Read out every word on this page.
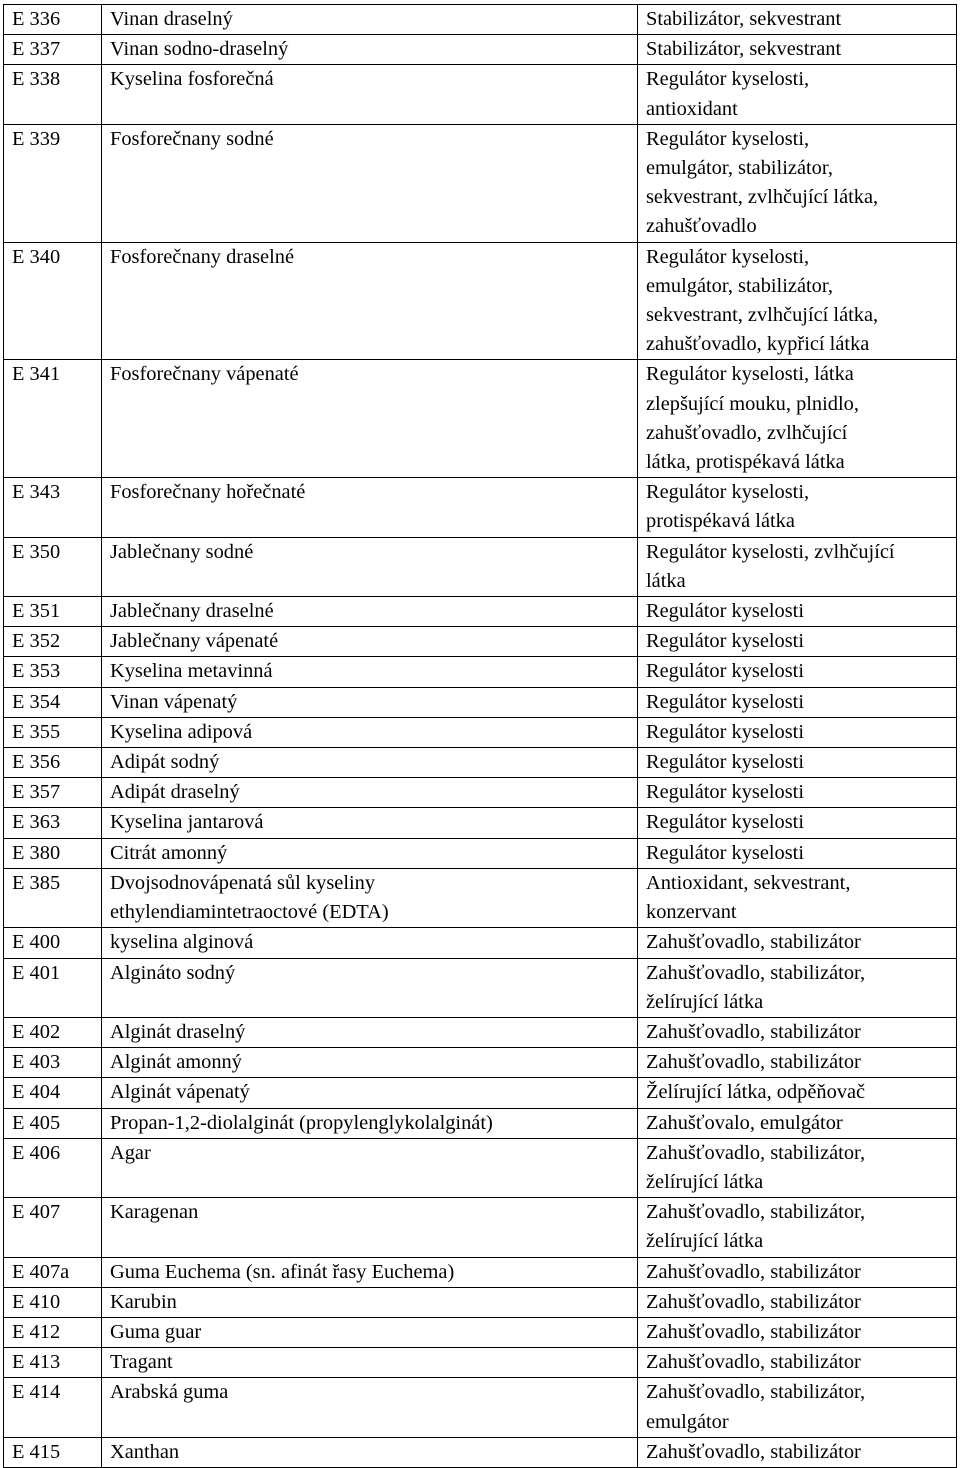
E 336	Vinan draselný	Stabilizátor, sekvestrant
E 337	Vinan sodno-draselný	Stabilizátor, sekvestrant
E 338	Kyselina fosforečná	Regulátor kyselosti,
antioxidant
E 339	Fosforečnany sodné	Regulátor kyselosti,
emulgátor, stabilizátor,
sekvestrant, zvlhčující látka,
zahušťovadlo
E 340	Fosforečnany draselné	Regulátor kyselosti,
emulgátor, stabilizátor,
sekvestrant, zvlhčující látka,
zahušťovadlo, kypřicí látka
E 341	Fosforečnany vápenaté	Regulátor kyselosti, látka
zlepšující mouku, plnidlo,
zahušťovadlo, zvlhčující
látka, protispékavá látka
E 343	Fosforečnany hořečnaté	Regulátor kyselosti,
protispékavá látka
E 350	Jablečnany sodné	Regulátor kyselosti, zvlhčující
látka
E 351	Jablečnany draselné	Regulátor kyselosti
E 352	Jablečnany vápenaté	Regulátor kyselosti
E 353	Kyselina metavinná	Regulátor kyselosti
E 354	Vinan vápenatý	Regulátor kyselosti
E 355	Kyselina adipová	Regulátor kyselosti
E 356	Adipát sodný	Regulátor kyselosti
E 357	Adipát draselný	Regulátor kyselosti
E 363	Kyselina jantarová	Regulátor kyselosti
E 380	Citrát amonný	Regulátor kyselosti
E 385	Dvojsodnovápenatá sůl kyseliny
ethylendiamintetraoctové (EDTA)	Antioxidant, sekvestrant,
konzervant
E 400	kyselina alginová	Zahušťovadlo, stabilizátor
E 401	Algináto sodný	Zahušťovadlo, stabilizátor,
želírující látka
E 402	Alginát draselný	Zahušťovadlo, stabilizátor
E 403	Alginát amonný	Zahušťovadlo, stabilizátor
E 404	Alginát vápenatý	Želírující látka, odpěňovač
E 405	Propan-1,2-diolalginát (propylenglykolalginát)	Zahušťovalo, emulgátor
E 406	Agar	Zahušťovadlo, stabilizátor,
želírující látka
E 407	Karagenan	Zahušťovadlo, stabilizátor,
želírující látka
E 407a	Guma Euchema (sn. afinát řasy Euchema)	Zahušťovadlo, stabilizátor
E 410	Karubin	Zahušťovadlo, stabilizátor
E 412	Guma guar	Zahušťovadlo, stabilizátor
E 413	Tragant	Zahušťovadlo, stabilizátor
E 414	Arabská guma	Zahušťovadlo, stabilizátor,
emulgátor
E 415	Xanthan	Zahušťovadlo, stabilizátor
